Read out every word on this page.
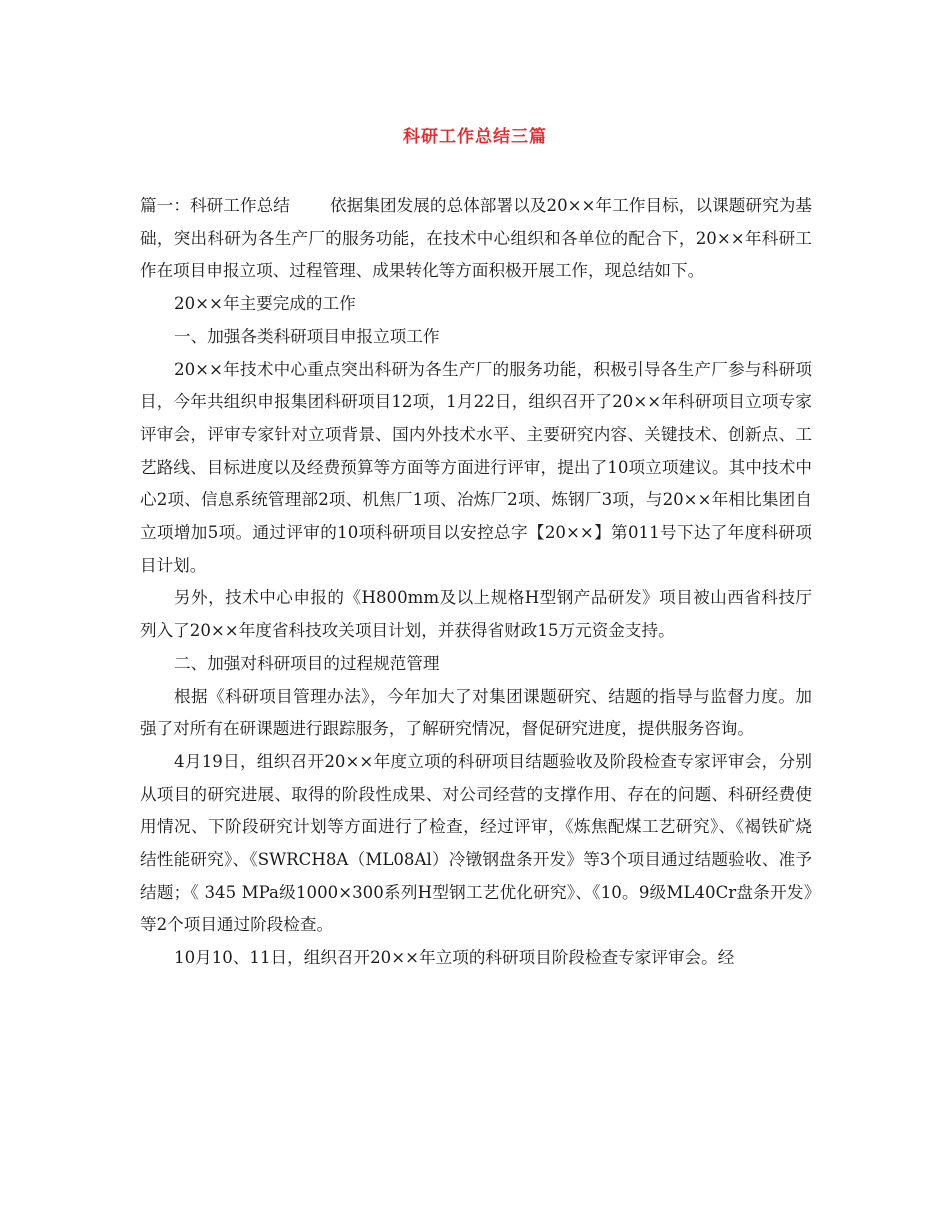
科研工作总结三篇

篇一：科研工作总结 依据集团发展的总体部署以及20××年工作目标，以课题研究为基础，突出科研为各生产厂的服务功能，在技术中心组织和各单位的配合下，20××年科研工作在项目申报立项、过程管理、成果转化等方面积极开展工作，现总结如下。

20××年主要完成的工作

一、加强各类科研项目申报立项工作

20××年技术中心重点突出科研为各生产厂的服务功能，积极引导各生产厂参与科研项目，今年共组织申报集团科研项目12项，1月22日，组织召开了20××年科研项目立项专家评审会，评审专家针对立项背景、国内外技术水平、主要研究内容、关键技术、创新点、工艺路线、目标进度以及经费预算等方面等方面进行评审，提出了10项立项建议。其中技术中心2项、信息系统管理部2项、机焦厂1项、冶炼厂2项、炼钢厂3项，与20××年相比集团自立项增加5项。通过评审的10项科研项目以安控总字【20××】第011号下达了年度科研项目计划。

另外，技术中心申报的《H800mm及以上规格H型钢产品研发》项目被山西省科技厅列入了20××年度省科技攻关项目计划，并获得省财政15万元资金支持。

二、加强对科研项目的过程规范管理

根据《科研项目管理办法》，今年加大了对集团课题研究、结题的指导与监督力度。加强了对所有在研课题进行跟踪服务，了解研究情况，督促研究进度，提供服务咨询。

4月19日，组织召开20××年度立项的科研项目结题验收及阶段检查专家评审会，分别从项目的研究进展、取得的阶段性成果、对公司经营的支撑作用、存在的问题、科研经费使用情况、下阶段研究计划等方面进行了检查，经过评审，《炼焦配煤工艺研究》、《褐铁矿烧结性能研究》、《SWRCH8A（ML08Al）冷镦钢盘条开发》等3个项目通过结题验收、准予结题；《 345 MPa级1000×300系列H型钢工艺优化研究》、《10。9级ML40Cr盘条开发》等2个项目通过阶段检查。

10月10、11日，组织召开20××年立项的科研项目阶段检查专家评审会。经
